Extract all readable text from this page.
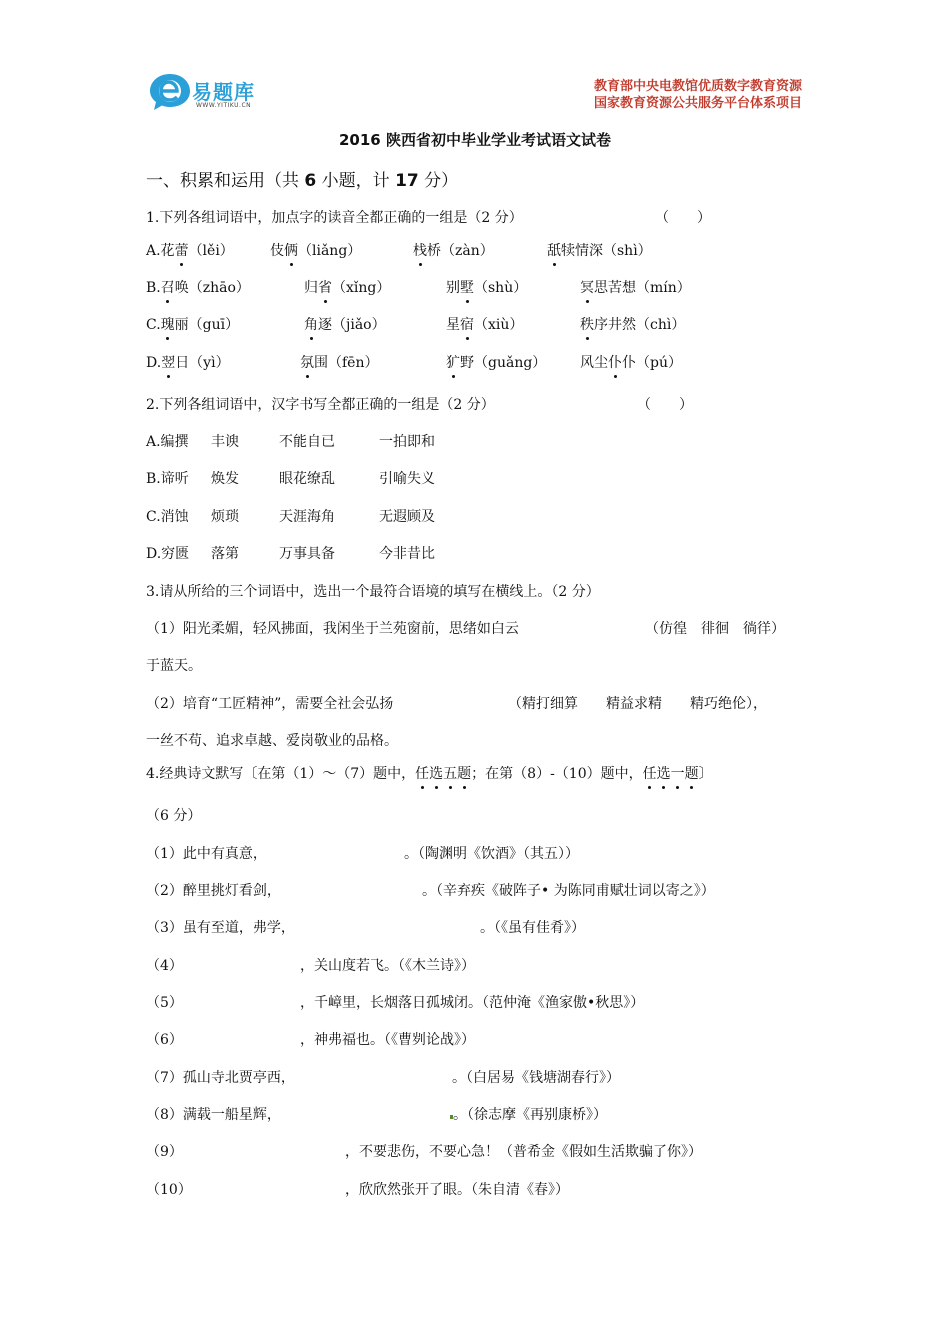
易题库
WWW.YITIKU.CN
教育部中央电教馆优质数字教育资源
国家教育资源公共服务平台体系项目
2016 陕西省初中毕业学业考试语文试卷
一、积累和运用（共 6 小题，计 17 分）
1.下列各组词语中，加点字的读音全都正确的一组是（2 分）	（　　）
A.花蕾（lěi）	伎俩（liǎng）	栈桥（zàn）	舐犊情深（shì）
B.召唤（zhāo）	归省（xǐng）	别墅（shù）	冥思苦想（mín）
C.瑰丽（guī）	角逐（jiǎo）	星宿（xiù）	秩序井然（chì）
D.翌日（yì）	氛围（fēn）	犷野（guǎng） 风尘仆仆（pú）
2.下列各组词语中，汉字书写全都正确的一组是（2 分）	（　　）
A.编撰 丰谀	不能自已	一拍即和
B.谛听 焕发	眼花缭乱	引喻失义
C.消蚀 烦琐	天涯海角	无遐顾及
D.穷匮 落第	万事具备	今非昔比
3.请从所给的三个词语中，选出一个最符合语境的填写在横线上。（2 分）
（1）阳光柔媚，轻风拂面，我闲坐于兰苑窗前，思绪如白云	（仿徨　徘徊　徜徉）
于蓝天。
（2）培育“工匠精神”，需要全社会弘扬	（精打细算　　精益求精　　精巧绝伦），
一丝不苟、追求卓越、爱岗敬业的品格。
4.经典诗文默写〔在第（1）～（7）题中，任选五题；在第（8）-（10）题中，任选一题〕
（6 分）
（1）此中有真意，	。（陶渊明《饮酒》（其五））
（2）醉里挑灯看剑，	。（辛弃疾《破阵子• 为陈同甫赋壮词以寄之》）
（3）虽有至道，弗学，	。（《虽有佳肴》）
（4）	，关山度若飞。（《木兰诗》）
（5）	，千嶂里，长烟落日孤城闭。（范仲淹《渔家傲•秋思》）
（6）	，神弗福也。（《曹刿论战》）
（7）孤山寺北贾亭西，	。（白居易《钱塘湖春行》）
（8）满载一船星辉，	。（徐志摩《再别康桥》）
（9）	，不要悲伤，不要心急！（普希金《假如生活欺骗了你》）
（10）	，欣欣然张开了眼。（朱自清《春》）
